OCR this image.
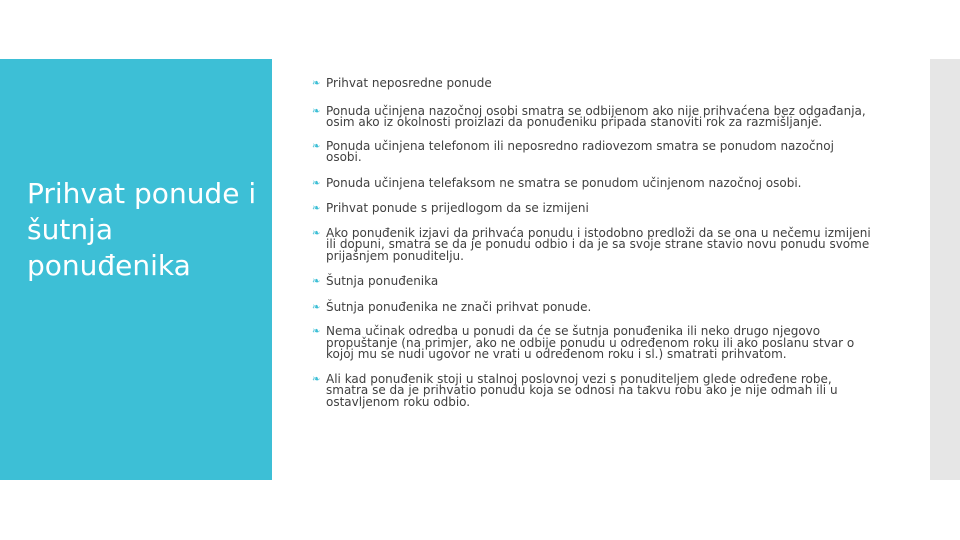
Prihvat ponude i šutnja ponuđenika
❧ Prihvat neposredne ponude
❧ Ponuda učinjena nazočnoj osobi smatra se odbijenom ako nije prihvaćena bez odgađanja, osim ako iz okolnosti proizlazi da ponuđeniku pripada stanoviti rok za razmišljanje.
❧ Ponuda učinjena telefonom ili neposredno radiovezom smatra se ponudom nazočnoj osobi.
❧ Ponuda učinjena telefaksom ne smatra se ponudom učinjenom nazočnoj osobi.
❧ Prihvat ponude s prijedlogom da se izmijeni
❧ Ako ponuđenik izjavi da prihvaća ponudu i istodobno predloži da se ona u nečemu izmijeni ili dopuni, smatra se da je ponudu odbio i da je sa svoje strane stavio novu ponudu svome prijašnjem ponuditelju.
❧ Šutnja ponuđenika
❧ Šutnja ponuđenika ne znači prihvat ponude.
❧ Nema učinak odredba u ponudi da će se šutnja ponuđenika ili neko drugo njegovo propuštanje (na primjer, ako ne odbije ponudu u određenom roku ili ako poslanu stvar o kojoj mu se nudi ugovor ne vrati u određenom roku i sl.) smatrati prihvatom.
❧ Ali kad ponuđenik stoji u stalnoj poslovnoj vezi s ponuditeljem glede određene robe, smatra se da je prihvatio ponudu koja se odnosi na takvu robu ako je nije odmah ili u ostavljenom roku odbio.
